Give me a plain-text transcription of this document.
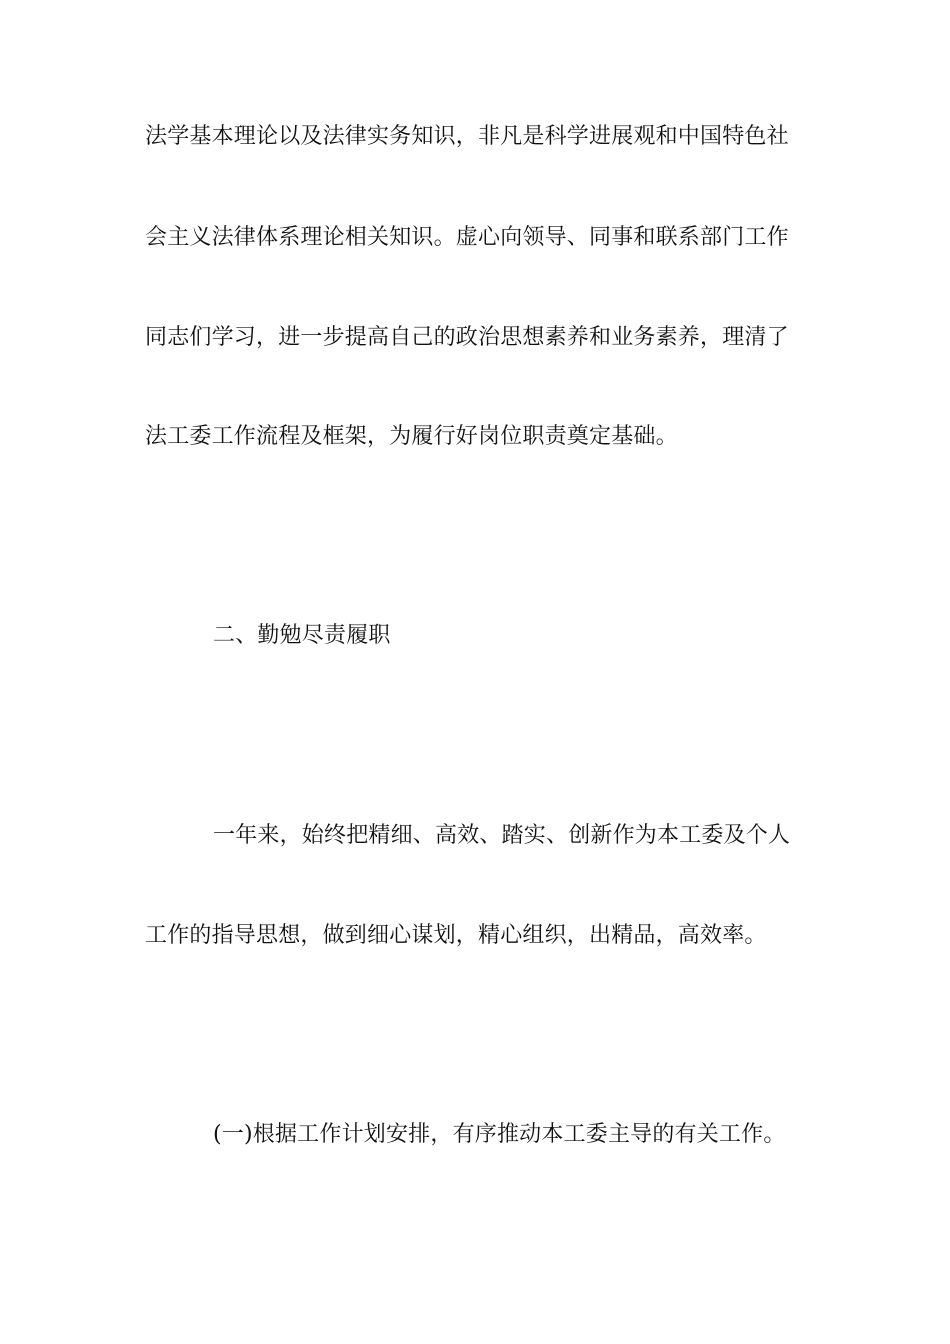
法学基本理论以及法律实务知识，非凡是科学进展观和中国特色社
会主义法律体系理论相关知识。虚心向领导、同事和联系部门工作
同志们学习，进一步提高自己的政治思想素养和业务素养，理清了
法工委工作流程及框架，为履行好岗位职责奠定基础。
二、勤勉尽责履职
一年来，始终把精细、高效、踏实、创新作为本工委及个人
工作的指导思想，做到细心谋划，精心组织，出精品，高效率。
(一)根据工作计划安排，有序推动本工委主导的有关工作。
